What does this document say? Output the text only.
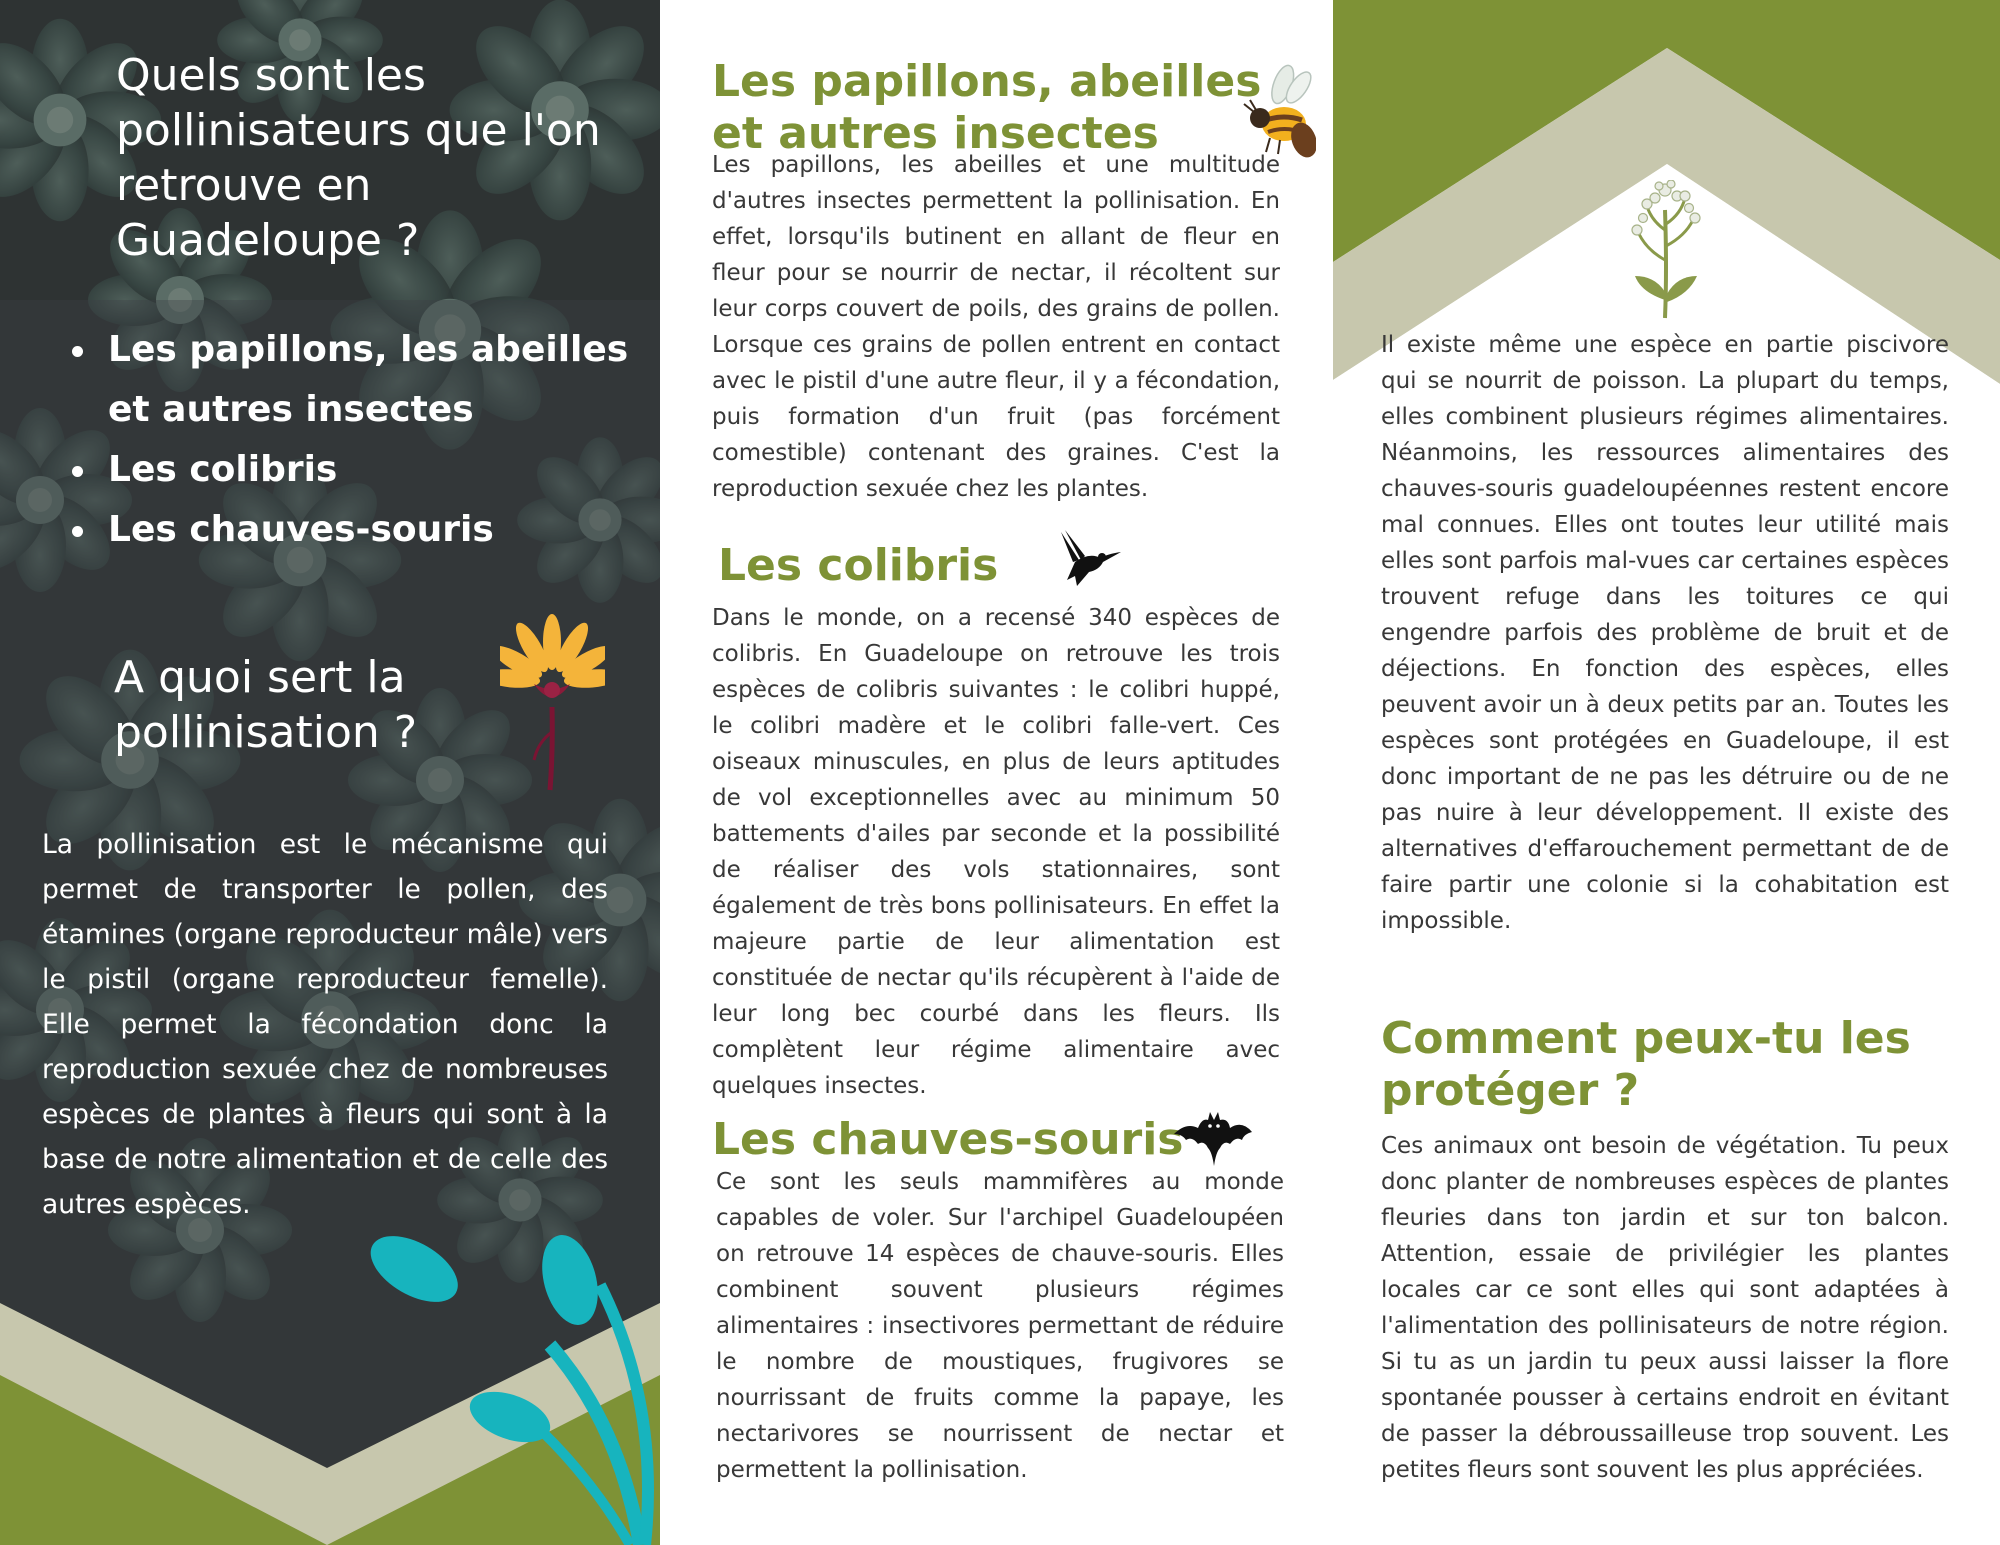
Quels sont les pollinisateurs que l'on retrouve en Guadeloupe ?
Les papillons, les abeilles et autres insectes
Les colibris
Les chauves-souris
A quoi sert la pollinisation ?

La pollinisation est le mécanisme qui permet de transporter le pollen, des étamines (organe reproducteur mâle) vers le pistil (organe reproducteur femelle). Elle permet la fécondation donc la reproduction sexuée chez de nombreuses espèces de plantes à fleurs qui sont à la base de notre alimentation et de celle des autres espèces.

Les papillons, abeilles
et autres insectes

Les papillons, les abeilles et une multitude d'autres insectes permettent la pollinisation. En effet, lorsqu'ils butinent en allant de fleur en fleur pour se nourrir de nectar, il récoltent sur leur corps couvert de poils, des grains de pollen. Lorsque ces grains de pollen entrent en contact avec le pistil d'une autre fleur, il y a fécondation, puis formation d'un fruit (pas forcément comestible) contenant des graines. C'est la reproduction sexuée chez les plantes.

Les colibris

Dans le monde, on a recensé 340 espèces de colibris. En Guadeloupe on retrouve les trois espèces de colibris suivantes : le colibri huppé, le colibri madère et le colibri falle-vert. Ces oiseaux minuscules, en plus de leurs aptitudes de vol exceptionnelles avec au minimum 50 battements d'ailes par seconde et la possibilité de réaliser des vols stationnaires, sont également de très bons pollinisateurs. En effet la majeure partie de leur alimentation est constituée de nectar qu'ils récupèrent à l'aide de leur long bec courbé dans les fleurs. Ils complètent leur régime alimentaire avec quelques insectes.

Les chauves-souris

Ce sont les seuls mammifères au monde capables de voler. Sur l'archipel Guadeloupéen on retrouve 14 espèces de chauve-souris. Elles combinent souvent plusieurs régimes alimentaires : insectivores permettant de réduire le nombre de moustiques, frugivores se nourrissant de fruits comme la papaye, les nectarivores se nourrissent de nectar et permettent la pollinisation.

Il existe même une espèce en partie piscivore qui se nourrit de poisson. La plupart du temps, elles combinent plusieurs régimes alimentaires. Néanmoins, les ressources alimentaires des chauves-souris guadeloupéennes restent encore mal connues. Elles ont toutes leur utilité mais elles sont parfois mal-vues car certaines espèces trouvent refuge dans les toitures ce qui engendre parfois des problème de bruit et de déjections. En fonction des espèces, elles peuvent avoir un à deux petits par an. Toutes les espèces sont protégées en Guadeloupe, il est donc important de ne pas les détruire ou de ne pas nuire à leur développement. Il existe des alternatives d'effarouchement permettant de de faire partir une colonie si la cohabitation est impossible.

Comment peux-tu les
protéger ?

Ces animaux ont besoin de végétation. Tu peux donc planter de nombreuses espèces de plantes fleuries dans ton jardin et sur ton balcon. Attention, essaie de privilégier les plantes locales car ce sont elles qui sont adaptées à l'alimentation des pollinisateurs de notre région. Si tu as un jardin tu peux aussi laisser la flore spontanée pousser à certains endroit en évitant de passer la débroussailleuse trop souvent. Les petites fleurs sont souvent les plus appréciées.
